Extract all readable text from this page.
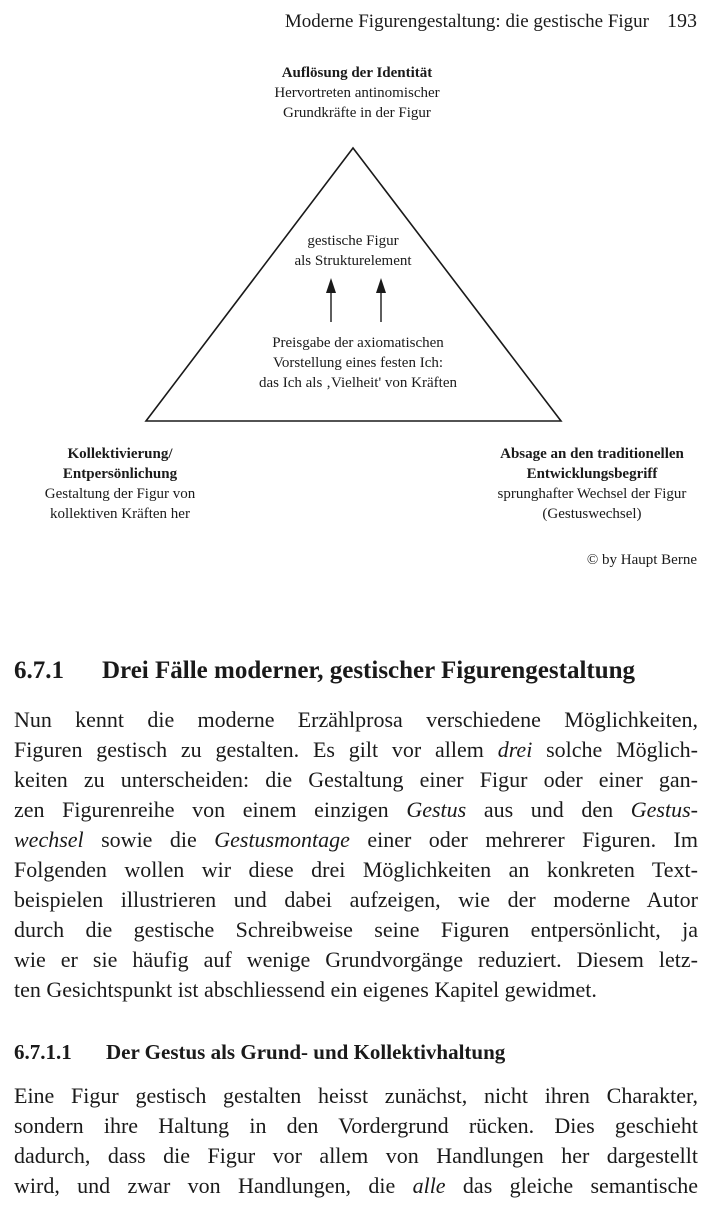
Moderne Figurengestaltung: die gestische Figur 193
Auflösung der Identität
Hervortreten antinomischer
Grundkräfte in der Figur
gestische Figur
als Strukturelement
Preisgabe der axiomatischen
Vorstellung eines festen Ich:
das Ich als ‚Vielheit' von Kräften
Kollektivierung/
Entpersönlichung
Gestaltung der Figur von
kollektiven Kräften her
Absage an den traditionellen
Entwicklungsbegriff
sprunghafter Wechsel der Figur
(Gestuswechsel)
© by Haupt Berne
6.7.1 Drei Fälle moderner, gestischer Figurengestaltung

Nun kennt die moderne Erzählprosa verschiedene Möglichkeiten,
Figuren gestisch zu gestalten. Es gilt vor allem drei solche Möglich-
keiten zu unterscheiden: die Gestaltung einer Figur oder einer gan-
zen Figurenreihe von einem einzigen Gestus aus und den Gestus-
wechsel sowie die Gestusmontage einer oder mehrerer Figuren. Im
Folgenden wollen wir diese drei Möglichkeiten an konkreten Text-
beispielen illustrieren und dabei aufzeigen, wie der moderne Autor
durch die gestische Schreibweise seine Figuren entpersönlicht, ja
wie er sie häufig auf wenige Grundvorgänge reduziert. Diesem letz-
ten Gesichtspunkt ist abschliessend ein eigenes Kapitel gewidmet.

6.7.1.1 Der Gestus als Grund- und Kollektivhaltung

Eine Figur gestisch gestalten heisst zunächst, nicht ihren Charakter,
sondern ihre Haltung in den Vordergrund rücken. Dies geschieht
dadurch, dass die Figur vor allem von Handlungen her dargestellt
wird, und zwar von Handlungen, die alle das gleiche semantische
